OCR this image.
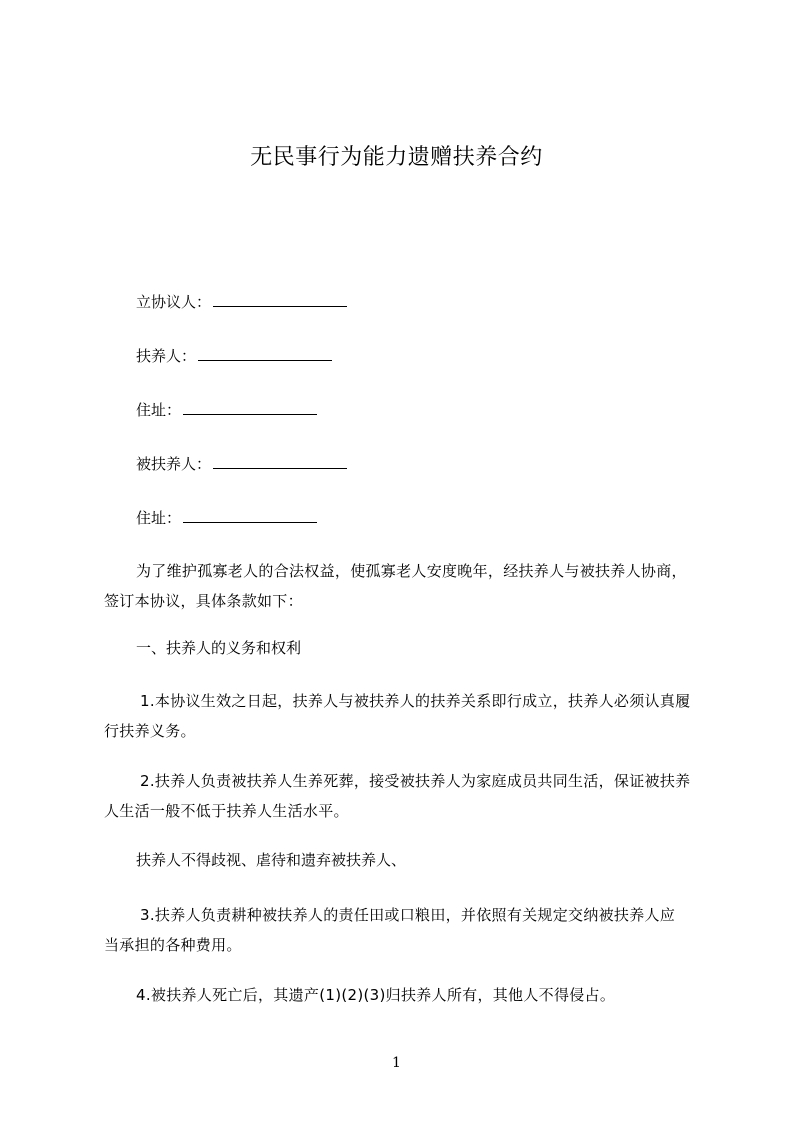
无民事行为能力遗赠扶养合约
立协议人：
扶养人：
住址：
被扶养人：
住址：
为了维护孤寡老人的合法权益，使孤寡老人安度晚年，经扶养人与被扶养人协商，
签订本协议，具体条款如下：
一、扶养人的义务和权利
1.本协议生效之日起，扶养人与被扶养人的扶养关系即行成立，扶养人必须认真履
行扶养义务。
2.扶养人负责被扶养人生养死葬，接受被扶养人为家庭成员共同生活，保证被扶养
人生活一般不低于扶养人生活水平。
扶养人不得歧视、虐待和遗弃被扶养人、
3.扶养人负责耕种被扶养人的责任田或口粮田，并依照有关规定交纳被扶养人应
当承担的各种费用。
4.被扶养人死亡后，其遗产(1)(2)(3)归扶养人所有，其他人不得侵占。
1
